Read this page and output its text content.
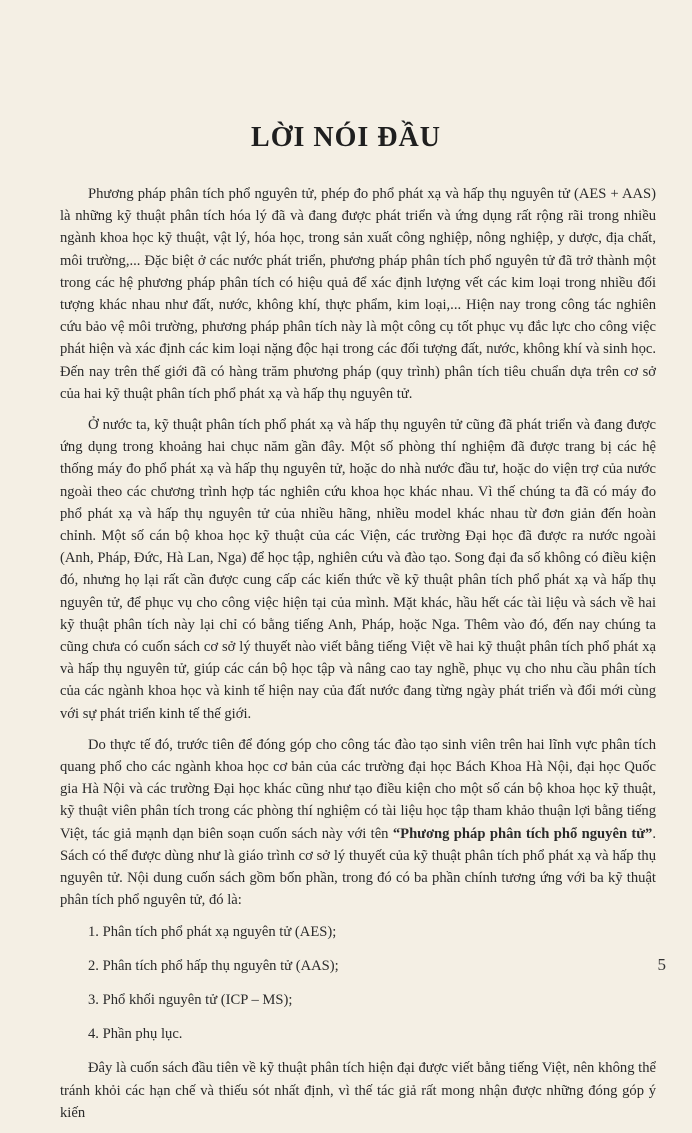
LỜI NÓI ĐẦU

Phương pháp phân tích phổ nguyên tử, phép đo phổ phát xạ và hấp thụ nguyên tử (AES + AAS) là những kỹ thuật phân tích hóa lý đã và đang được phát triển và ứng dụng rất rộng rãi trong nhiều ngành khoa học kỹ thuật, vật lý, hóa học, trong sản xuất công nghiệp, nông nghiệp, y dược, địa chất, môi trường,... Đặc biệt ở các nước phát triển, phương pháp phân tích phổ nguyên tử đã trở thành một trong các hệ phương pháp phân tích có hiệu quả để xác định lượng vết các kim loại trong nhiều đối tượng khác nhau như đất, nước, không khí, thực phẩm, kim loại,... Hiện nay trong công tác nghiên cứu bảo vệ môi trường, phương pháp phân tích này là một công cụ tốt phục vụ đắc lực cho công việc phát hiện và xác định các kim loại nặng độc hại trong các đối tượng đất, nước, không khí và sinh học. Đến nay trên thế giới đã có hàng trăm phương pháp (quy trình) phân tích tiêu chuẩn dựa trên cơ sở của hai kỹ thuật phân tích phổ phát xạ và hấp thụ nguyên tử.

Ở nước ta, kỹ thuật phân tích phổ phát xạ và hấp thụ nguyên tử cũng đã phát triển và đang được ứng dụng trong khoảng hai chục năm gần đây. Một số phòng thí nghiệm đã được trang bị các hệ thống máy đo phổ phát xạ và hấp thụ nguyên tử, hoặc do nhà nước đầu tư, hoặc do viện trợ của nước ngoài theo các chương trình hợp tác nghiên cứu khoa học khác nhau. Vì thế chúng ta đã có máy đo phổ phát xạ và hấp thụ nguyên tử của nhiều hãng, nhiều model khác nhau từ đơn giản đến hoàn chỉnh. Một số cán bộ khoa học kỹ thuật của các Viện, các trường Đại học đã được ra nước ngoài (Anh, Pháp, Đức, Hà Lan, Nga) để học tập, nghiên cứu và đào tạo. Song đại đa số không có điều kiện đó, nhưng họ lại rất cần được cung cấp các kiến thức về kỹ thuật phân tích phổ phát xạ và hấp thụ nguyên tử, để phục vụ cho công việc hiện tại của mình. Mặt khác, hầu hết các tài liệu và sách về hai kỹ thuật phân tích này lại chỉ có bằng tiếng Anh, Pháp, hoặc Nga. Thêm vào đó, đến nay chúng ta cũng chưa có cuốn sách cơ sở lý thuyết nào viết bằng tiếng Việt về hai kỹ thuật phân tích phổ phát xạ và hấp thụ nguyên tử, giúp các cán bộ học tập và nâng cao tay nghề, phục vụ cho nhu cầu phân tích của các ngành khoa học và kinh tế hiện nay của đất nước đang từng ngày phát triển và đổi mới cùng với sự phát triển kinh tế thế giới.

Do thực tế đó, trước tiên để đóng góp cho công tác đào tạo sinh viên trên hai lĩnh vực phân tích quang phổ cho các ngành khoa học cơ bản của các trường đại học Bách Khoa Hà Nội, đại học Quốc gia Hà Nội và các trường Đại học khác cũng như tạo điều kiện cho một số cán bộ khoa học kỹ thuật, kỹ thuật viên phân tích trong các phòng thí nghiệm có tài liệu học tập tham khảo thuận lợi bằng tiếng Việt, tác giả mạnh dạn biên soạn cuốn sách này với tên “Phương pháp phân tích phổ nguyên tử”. Sách có thể được dùng như là giáo trình cơ sở lý thuyết của kỹ thuật phân tích phổ phát xạ và hấp thụ nguyên tử. Nội dung cuốn sách gồm bốn phần, trong đó có ba phần chính tương ứng với ba kỹ thuật phân tích phổ nguyên tử, đó là:

1. Phân tích phổ phát xạ nguyên tử (AES);
2. Phân tích phổ hấp thụ nguyên tử (AAS);
3. Phổ khối nguyên tử (ICP – MS);
4. Phần phụ lục.

Đây là cuốn sách đầu tiên về kỹ thuật phân tích hiện đại được viết bằng tiếng Việt, nên không thể tránh khỏi các hạn chế và thiếu sót nhất định, vì thế tác giả rất mong nhận được những đóng góp ý kiến

5
